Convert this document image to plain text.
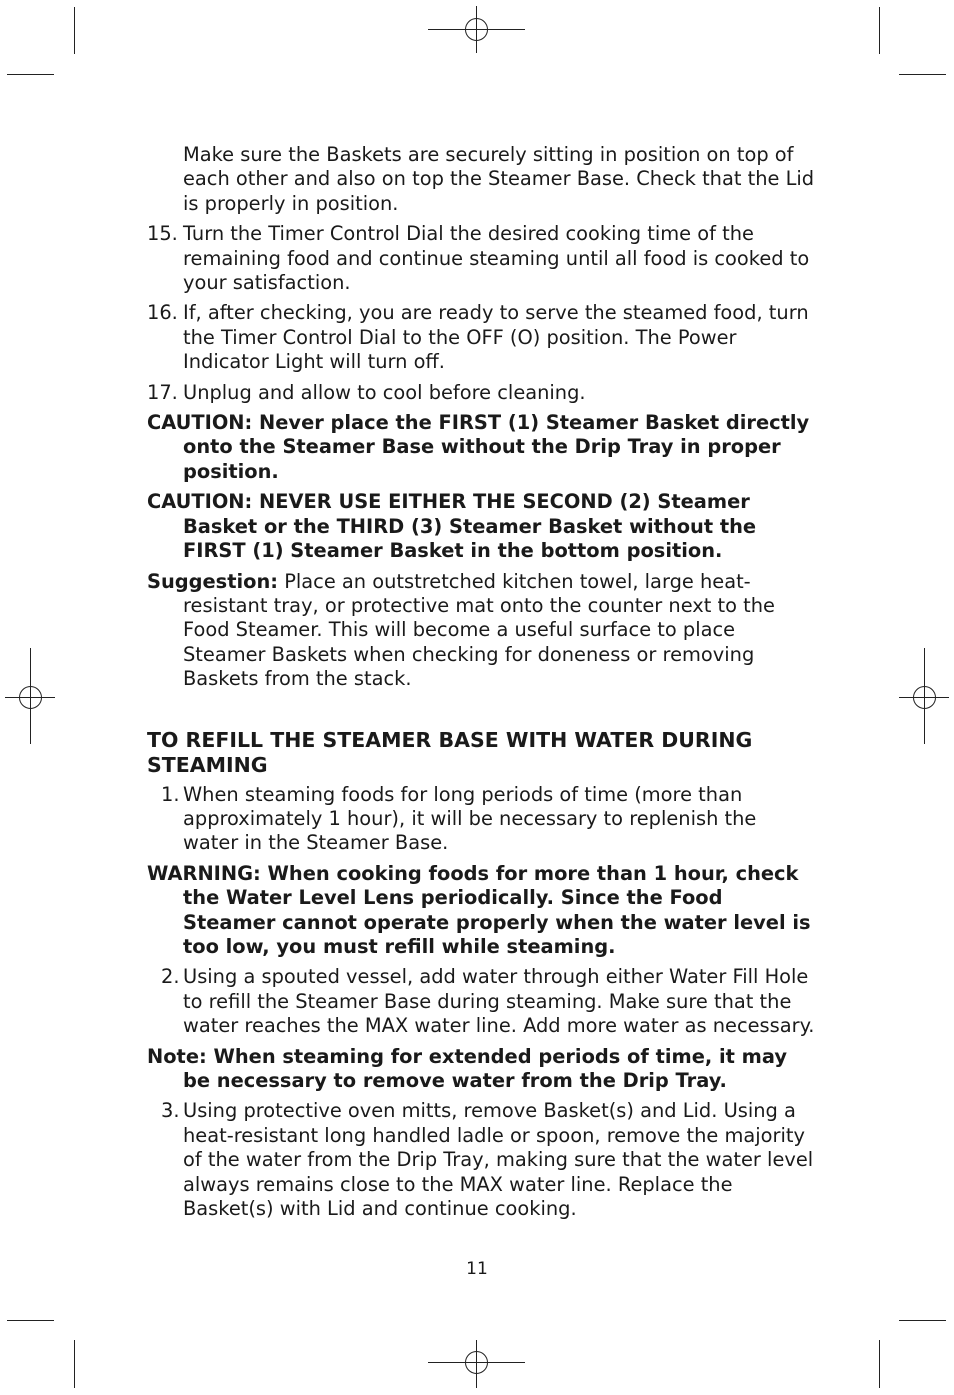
Make sure the Baskets are securely sitting in position on top of each other and also on top the Steamer Base. Check that the Lid is properly in position.
15. Turn the Timer Control Dial the desired cooking time of the remaining food and continue steaming until all food is cooked to your satisfaction.
16. If, after checking, you are ready to serve the steamed food, turn the Timer Control Dial to the OFF (O) position. The Power Indicator Light will turn off.
17. Unplug and allow to cool before cleaning.
CAUTION: Never place the FIRST (1) Steamer Basket directly onto the Steamer Base without the Drip Tray in proper position.
CAUTION: NEVER USE EITHER THE SECOND (2) Steamer Basket or the THIRD (3) Steamer Basket without the FIRST (1) Steamer Basket in the bottom position.
Suggestion: Place an outstretched kitchen towel, large heat-resistant tray, or protective mat onto the counter next to the Food Steamer. This will become a useful surface to place Steamer Baskets when checking for doneness or removing Baskets from the stack.
TO REFILL THE STEAMER BASE WITH WATER DURING STEAMING
1. When steaming foods for long periods of time (more than approximately 1 hour), it will be necessary to replenish the water in the Steamer Base.
WARNING: When cooking foods for more than 1 hour, check the Water Level Lens periodically. Since the Food Steamer cannot operate properly when the water level is too low, you must refill while steaming.
2. Using a spouted vessel, add water through either Water Fill Hole to refill the Steamer Base during steaming. Make sure that the water reaches the MAX water line. Add more water as necessary.
Note: When steaming for extended periods of time, it may be necessary to remove water from the Drip Tray.
3. Using protective oven mitts, remove Basket(s) and Lid. Using a heat-resistant long handled ladle or spoon, remove the majority of the water from the Drip Tray, making sure that the water level always remains close to the MAX water line. Replace the Basket(s) with Lid and continue cooking.
11
